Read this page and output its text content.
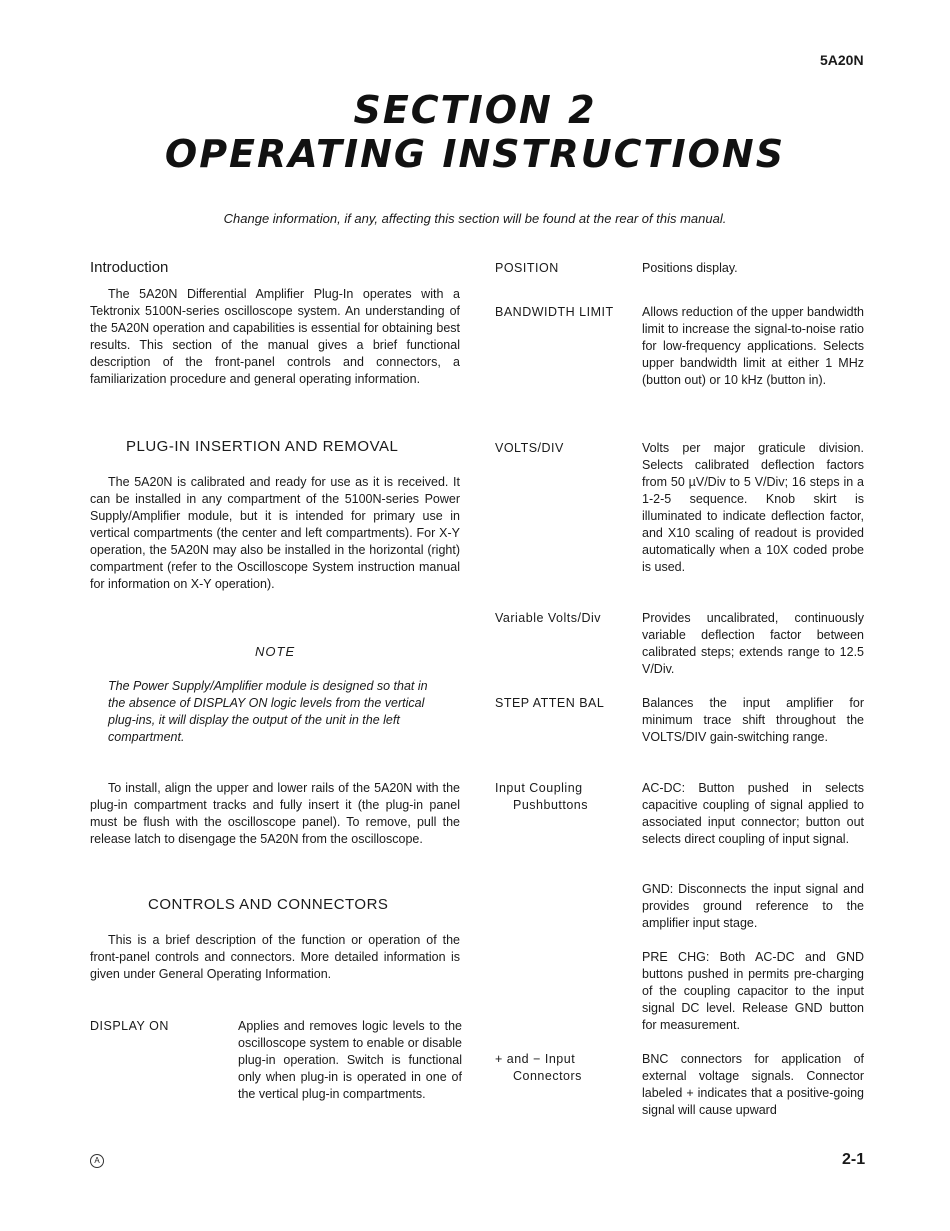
5A20N
SECTION 2
OPERATING INSTRUCTIONS
Change information, if any, affecting this section will be found at the rear of this manual.
Introduction
The 5A20N Differential Amplifier Plug-In operates with a Tektronix 5100N-series oscilloscope system. An understanding of the 5A20N operation and capabilities is essential for obtaining best results. This section of the manual gives a brief functional description of the front-panel controls and connectors, a familiarization procedure and general operating information.
PLUG-IN INSERTION AND REMOVAL
The 5A20N is calibrated and ready for use as it is received. It can be installed in any compartment of the 5100N-series Power Supply/Amplifier module, but it is intended for primary use in vertical compartments (the center and left compartments). For X-Y operation, the 5A20N may also be installed in the horizontal (right) compartment (refer to the Oscilloscope System instruction manual for information on X-Y operation).
NOTE
The Power Supply/Amplifier module is designed so that in the absence of DISPLAY ON logic levels from the vertical plug-ins, it will display the output of the unit in the left compartment.
To install, align the upper and lower rails of the 5A20N with the plug-in compartment tracks and fully insert it (the plug-in panel must be flush with the oscilloscope panel). To remove, pull the release latch to disengage the 5A20N from the oscilloscope.
CONTROLS AND CONNECTORS
This is a brief description of the function or operation of the front-panel controls and connectors. More detailed information is given under General Operating Information.
DISPLAY ON	Applies and removes logic levels to the oscilloscope system to enable or disable plug-in operation. Switch is functional only when plug-in is operated in one of the vertical plug-in compartments.
POSITION	Positions display.
BANDWIDTH LIMIT Allows reduction of the upper bandwidth limit to increase the signal-to-noise ratio for low-frequency applications. Selects upper bandwidth limit at either 1 MHz (button out) or 10 kHz (button in).
VOLTS/DIV	Volts per major graticule division. Selects calibrated deflection factors from 50 µV/Div to 5 V/Div; 16 steps in a 1-2-5 sequence. Knob skirt is illuminated to indicate deflection factor, and X10 scaling of readout is provided automatically when a 10X coded probe is used.
Variable Volts/Div	Provides uncalibrated, continuously variable deflection factor between calibrated steps; extends range to 12.5 V/Div.
STEP ATTEN BAL	Balances the input amplifier for minimum trace shift throughout the VOLTS/DIV gain-switching range.
Input Coupling
Pushbuttons
AC-DC: Button pushed in selects capacitive coupling of signal applied to associated input connector; button out selects direct coupling of input signal.
GND: Disconnects the input signal and provides ground reference to the amplifier input stage.
PRE CHG: Both AC-DC and GND buttons pushed in permits pre-charging of the coupling capacitor to the input signal DC level. Release GND button for measurement.
+ and − Input
Connectors
BNC connectors for application of external voltage signals. Connector labeled + indicates that a positive-going signal will cause upward
A	2-1
